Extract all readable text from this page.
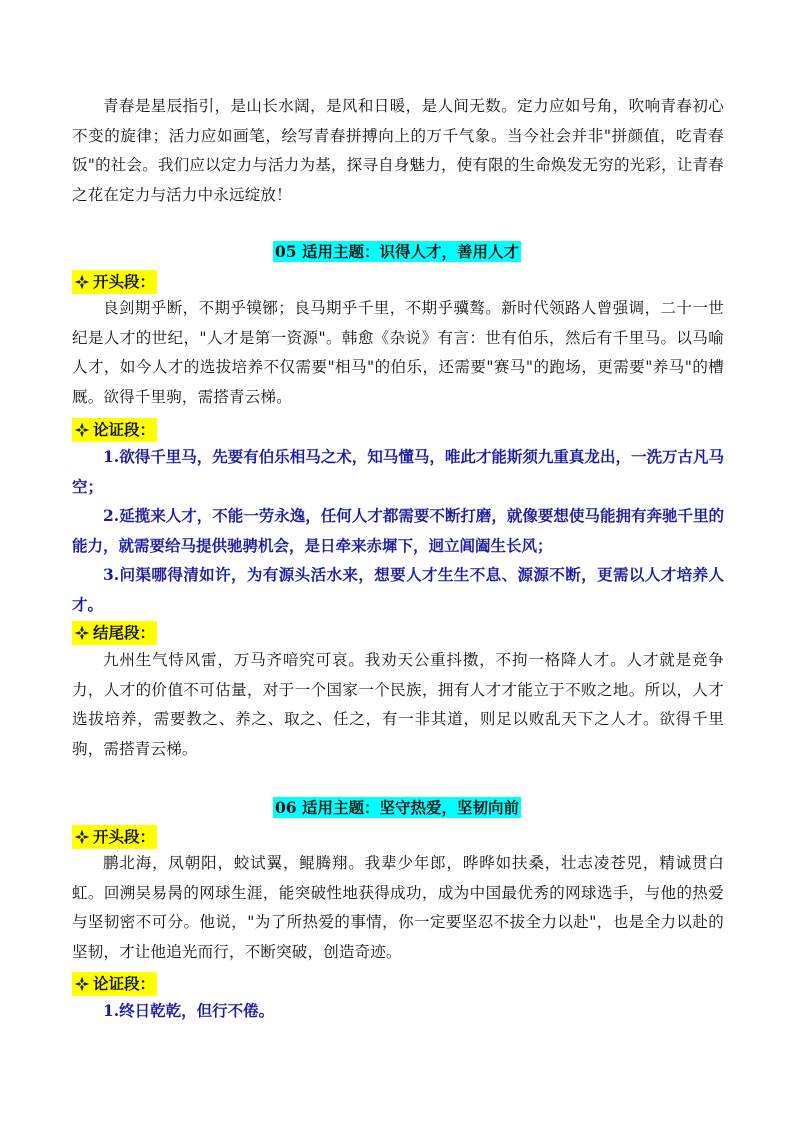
青春是星辰指引，是山长水阔，是风和日暖，是人间无数。定力应如号角，吹响青春初心不变的旋律；活力应如画笔，绘写青春拼搏向上的万千气象。当今社会并非"拼颜值，吃青春饭"的社会。我们应以定力与活力为基，探寻自身魅力，使有限的生命焕发无穷的光彩，让青春之花在定力与活力中永远绽放！

05 适用主题：识得人才，善用人才
开头段：

良剑期乎断，不期乎镆铘；良马期乎千里，不期乎骥骜。新时代领路人曾强调，二十一世纪是人才的世纪，"人才是第一资源"。韩愈《杂说》有言：世有伯乐，然后有千里马。以马喻人才，如今人才的选拔培养不仅需要"相马"的伯乐，还需要"赛马"的跑场，更需要"养马"的槽厩。欲得千里驹，需搭青云梯。

论证段：

1.欲得千里马，先要有伯乐相马之术，知马懂马，唯此才能斯须九重真龙出，一洗万古凡马空；

2.延揽来人才，不能一劳永逸，任何人才都需要不断打磨，就像要想使马能拥有奔驰千里的能力，就需要给马提供驰骋机会，是日牵来赤墀下，迥立阊阖生长风；

3.问渠哪得清如许，为有源头活水来，想要人才生生不息、源源不断，更需以人才培养人才。

结尾段：

九州生气恃风雷，万马齐喑究可哀。我劝天公重抖擞，不拘一格降人才。人才就是竞争力，人才的价值不可估量，对于一个国家一个民族，拥有人才才能立于不败之地。所以，人才选拔培养，需要教之、养之、取之、任之，有一非其道，则足以败乱天下之人才。欲得千里驹，需搭青云梯。

06 适用主题：坚守热爱，坚韧向前
开头段：

鹏北海，凤朝阳，蛟试翼，鲲腾翔。我辈少年郎，晔晔如扶桑，壮志凌苍兕，精诚贯白虹。回溯吴易昺的网球生涯，能突破性地获得成功，成为中国最优秀的网球选手，与他的热爱与坚韧密不可分。他说，"为了所热爱的事情，你一定要坚忍不拔全力以赴"，也是全力以赴的坚韧，才让他追光而行，不断突破，创造奇迹。

论证段：

1.终日乾乾，但行不倦。
